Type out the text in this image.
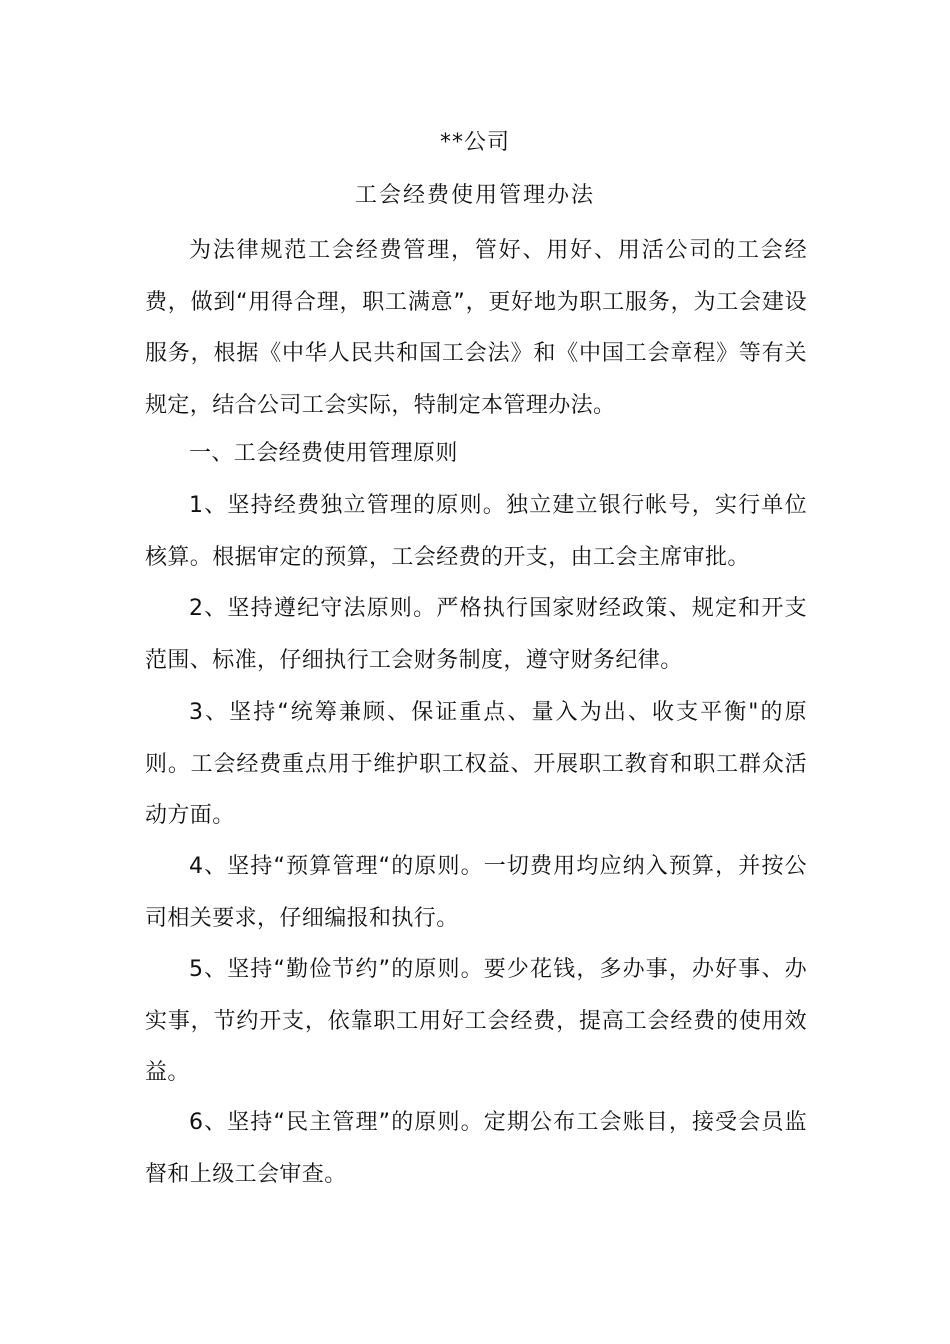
**公司
工会经费使用管理办法

为法律规范工会经费管理，管好、用好、用活公司的工会经费，做到“用得合理，职工满意”，更好地为职工服务，为工会建设服务，根据《中华人民共和国工会法》和《中国工会章程》等有关规定，结合公司工会实际，特制定本管理办法。

一、工会经费使用管理原则

1、坚持经费独立管理的原则。独立建立银行帐号，实行单位核算。根据审定的预算，工会经费的开支，由工会主席审批。

2、坚持遵纪守法原则。严格执行国家财经政策、规定和开支范围、标准，仔细执行工会财务制度，遵守财务纪律。

3、坚持“统筹兼顾、保证重点、量入为出、收支平衡"的原则。工会经费重点用于维护职工权益、开展职工教育和职工群众活动方面。

4、坚持“预算管理“的原则。一切费用均应纳入预算，并按公司相关要求，仔细编报和执行。

5、坚持“勤俭节约”的原则。要少花钱，多办事，办好事、办实事，节约开支，依靠职工用好工会经费，提高工会经费的使用效益。

6、坚持“民主管理”的原则。定期公布工会账目，接受会员监督和上级工会审查。
